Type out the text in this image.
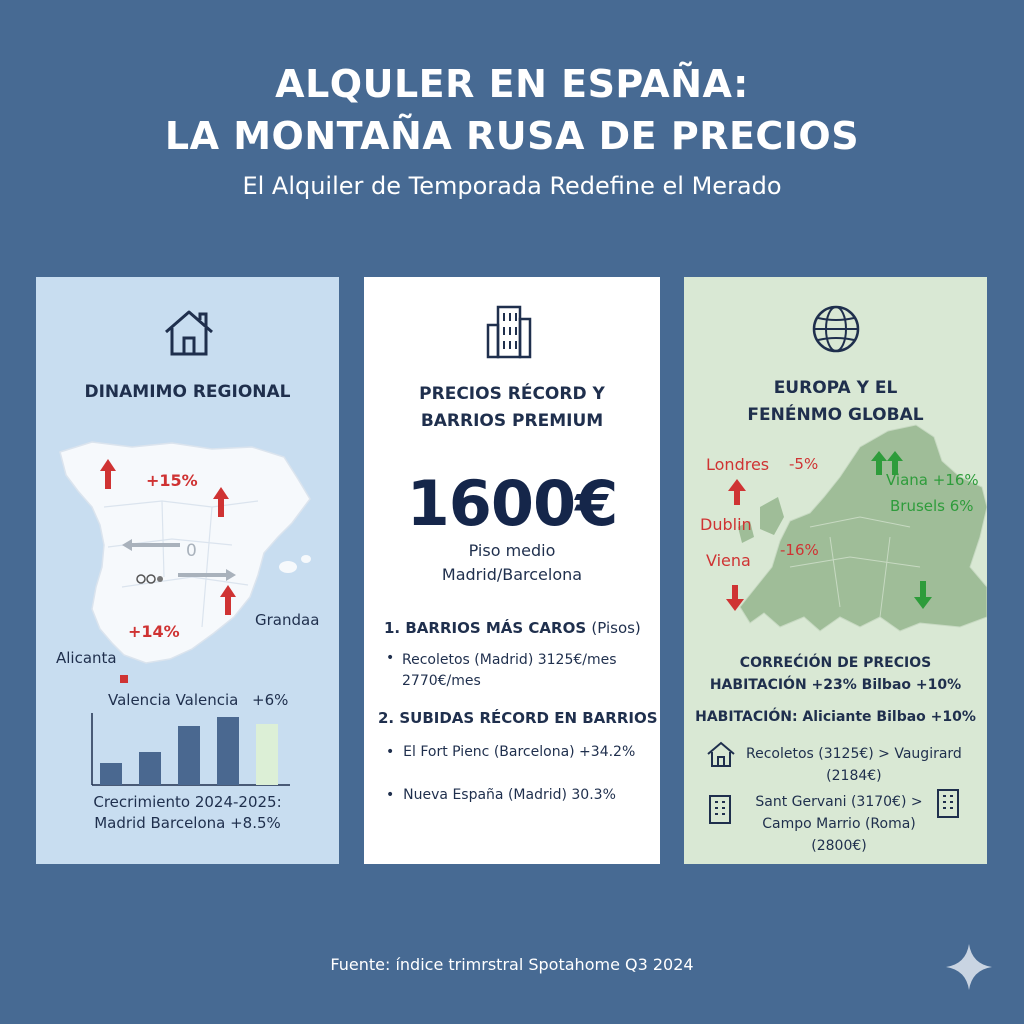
ALQULER EN ESPAÑA:
LA MONTAÑA RUSA DE PRECIOS
El Alquiler de Temporada Redefine el Merado
DINAMIMO REGIONAL
+15%
0
+14%
Grandaa
Alicanta
Valencia Valencia +6%
Crecrimiento 2024-2025:
Madrid Barcelona +8.5%
PRECIOS RÉCORD Y
BARRIOS PREMIUM
1600€
Piso medio
Madrid/Barcelona
1. BARRIOS MÁS CAROS (Pisos)
• Recoletos (Madrid) 3125€/mes
2770€/mes
2. SUBIDAS RÉCORD EN BARRIOS
•  El Fort Pienc (Barcelona) +34.2%
•  Nueva España (Madrid) 30.3%
EUROPA Y EL
FENÉNMO GLOBAL
Londres -5%
Viana +16%
Brusels 6%
Dublin
-16%
Viena
CORREĆIÓN DE PRECIOS
HABITACIÓN +23% Bilbao +10%
HABITACIÓN: Aliciante Bilbao +10%
Recoletos (3125€) > Vaugirard
(2184€)
Sant Gervani (3170€) >
Campo Marrio (Roma)
(2800€)
Fuente: índice trimrstral Spotahome Q3 2024
